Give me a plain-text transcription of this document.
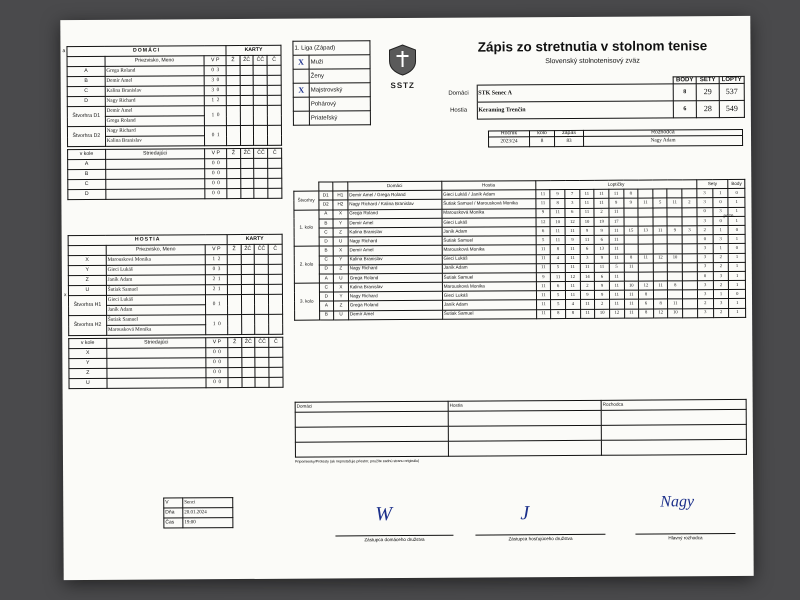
a
x
DOMÁCI			KARTY			
	Priezvisko, Meno	V P	Ž	ŽČ	ČČ	Č
A	Grega Roland	0 3				
B	Demír Amel	3 0				
C	Kalina Branislav	3 0				
D	Nagy Richard	1 2				
Štvorhra D1	Demír Amel	1 0				
	Grega Roland					
Štvorhra D2	Nagy Richard	0 1				
	Kalina Branislav					
v kole	Striedajúci	V P	Ž	ŽČ	ČČ	Č
A		0 0				
B		0 0				
C		0 0				
D		0 0				
HOSTIA			KARTY			
	Priezvisko, Meno	V P	Ž	ŽČ	ČČ	Č
X	Marousková Monika	1 2				
Y	Gieci Lukáš	0 3				
Z	Janík Adam	2 1				
U	Šutiak Samuel	2 1				
Štvorhra H1	Gieci Lukáš	0 1				
	Janík Adam					
Štvorhra H2	Šutiak Samuel	1 0				
	Marousková Monika					
v kole	Striedajúci	V P	Ž	ŽČ	ČČ	Č
X		0 0				
Y		0 0				
Z		0 0				
U		0 0				
1. Liga (Západ)	
X	Muži
	Ženy
X	Majstrovský
	Pohárový
	Priateľský
SSTZ
Zápis zo stretnutia v stolnom tenise
Slovenský stolnotenisový zväz
		BODY	SETY	LOPTY
Domáci	STK Senec A	8	29	537
Hostia	Keraming Trenčín	6	28	549
Ročník	kolo	zápas	Rozhodca
2023/24	8	83	Nagy Adam
pozn.
			Domáci	Hostia	Loptičky											Sety		Body
Štvorhry	D1	H1	Demír Amel / Grega Roland	Gieci Lukáš / Janík Adam	11	9	7	11	11	11	8					3	1	0
	D2	H2	Nagy Richard / Kalina Branislav	Šutiak Samuel / Marousková Monika	11	8	3	11	11	9	9	11	5	11	2	3	0	1
1. kolo	A	X	Grega Roland	Marousková Monika	9	11	6	11	2	11						0	3	1
	B	Y	Demír Amel	Gieci Lukáš	12	10	12	10	19	17						3	0	1
	C	Z	Kalina Branislav	Janík Adam	6	11	11	9	9	11	15	13	11	9	3	2	1	0
	D	U	Nagy Richard	Šutiak Samuel	5	11	9	11	6	11						0	3	1
2. kolo	B	X	Demír Amel	Marousková Monika	11	8	11	6	13	11						3	1	0
	C	Y	Kalina Branislav	Gieci Lukáš	11	4	11	3	9	11	8	11	12	10		3	2	1
	D	Z	Nagy Richard	Janík Adam	11	5	11	11	11	5	11					3	2	1
	A	U	Grega Roland	Šutiak Samuel	9	11	12	14	6	11						0	3	1
3. kolo	C	X	Kalina Branislav	Marousková Monika	11	6	11	2	9	11	10	12	11	8		3	2	1
	D	Y	Nagy Richard	Gieci Lukáš	11	5	11	9	9	11	11	8				3	1	0
	A	Z	Grega Roland	Janík Adam	11	5	4	11	2	11	11	6	8	11		2	3	1
	B	U	Demír Amel	Šutiak Samuel	11	8	8	11	10	12	11	8	12	10		3	2	1
Domáci	Hostia	Rozhodca

Pripomienky/Protesty (ak nepostačuje priestor, použite zadnú stranu originálu)
V	Senci
Dňa	20.01.2024
Čas	19:00	W	J
Nagy
Zástupca domáceho družstva	Zástupca hosťujúceho družstva	Hlavný rozhodca
